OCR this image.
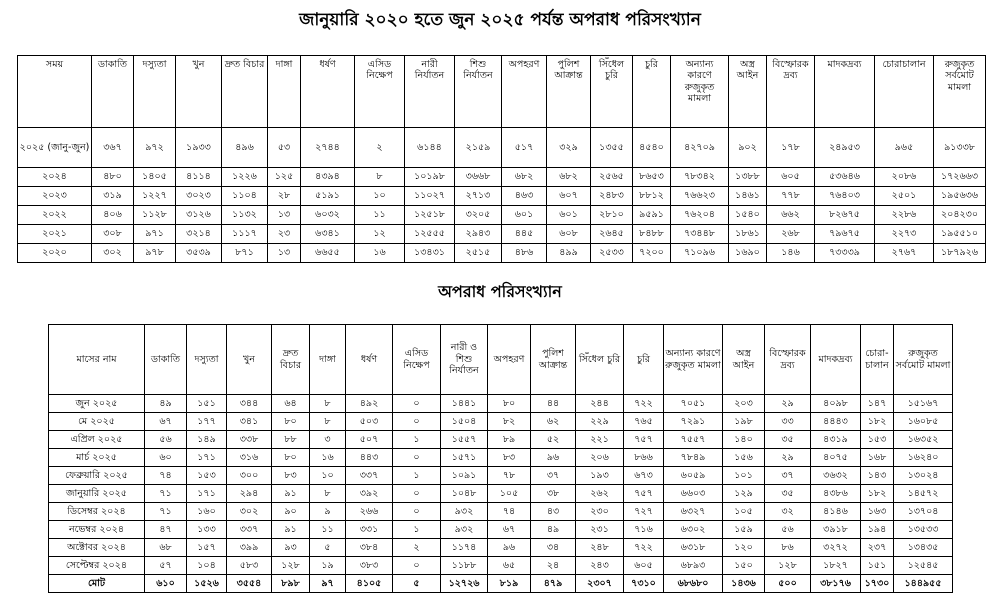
জানুয়ারি ২০২০ হতে জুন ২০২৫ পর্যন্ত অপরাধ পরিসংখ্যান
সময়	ডাকাতি	দস্যুতা	খুন	দ্রুত বিচার	দাঙ্গা	ধর্ষণ	এসিড নিক্ষেপ	নারী নির্যাতন	শিশু নির্যাতন	অপহরণ	পুলিশ আক্রান্ত	সিঁধেল চুরি	চুরি	অন্যান্য কারণে রুজুকৃত মামলা	অস্ত্র আইন	বিস্ফোরক দ্রব্য	মাদকদ্রব্য	চোরাচালান	রুজুকৃত সর্বমোট মামলা
২০২৫ (জানু-জুন)	৩৬৭	৯৭২	১৯৩৩	৪৯৬	৫৩	২৭৪৪	২	৬১৪৪	২১৫৯	৫১৭	৩২৯	১৩৫৫	৪৫৪০	৪২৭০৯	৯০২	১৭৮	২৪৯৫৩	৯৬৫	৯১৩৩৮
২০২৪	৪৮০	১৪০৫	৪১১৪	১২২৬	১২৫	৪৩৯৪	৮	১০১৯৮	৩৬৬৮	৬৮২	৬৮২	২৫৬৫	৮৬৫৩	৭৮৩৪২	১৩৮৮	৬০৫	৫৩৬৪৬	২০৮৬	১৭২৬৬৩
২০২৩	৩১৯	১২২৭	৩০২৩	১১০৪	২৮	৫১৯১	১০	১১০২৭	২৭১৩	৪৬৩	৬০৭	২৪৮৩	৮৮১২	৭৬৬২৩	১৪৬১	৭৭৮	৭৬৪০৩	২৫০১	১৯৫৬৩৬
২০২২	৪০৬	১১২৮	৩১২৬	১১৩২	১৩	৬০৩২	১১	১২৫১৮	৩২০৫	৬০১	৬০১	২৮১০	৯৫৯১	৭৬২০৪	১৫৪০	৬৬২	৮২৬৭৫	২২৮৬	২০৪২৩০
২০২১	৩০৮	৯৭১	৩২১৪	১১১৭	২৩	৬৩৪১	১২	১২৫৫৫	২৯৪৩	৪৪৫	৬০৮	২৬৪৫	৮৪৮৮	৭৩৪৪৮	১৮৬১	২৬৮	৭৯৬৭৫	২২৭৩	১৯৫৫১০
২০২০	৩০২	৯৭৮	৩৫৩৯	৮৭১	১৩	৬৬৫৫	১৬	১৩৪৩১	২৫১৫	৪৮৬	৪৯৯	২৫৩৩	৭২০০	৭১০৯৬	১৬৯০	১৪৬	৭৩৩৩৯	২৭৬৭	১৮৭৯২৬
অপরাধ পরিসংখ্যান
মাসের নাম	ডাকাতি	দস্যুতা	খুন	দ্রুত বিচার	দাঙ্গা	ধর্ষণ	এসিড নিক্ষেপ	নারী ও শিশু নির্যাতন	অপহরণ	পুলিশ আক্রান্ত	সিঁধেল চুরি	চুরি	অন্যান্য কারণে রুজুকৃত মামলা	অস্ত্র আইন	বিস্ফোরক দ্রব্য	মাদকদ্রব্য	চোরা-চালান	রুজুকৃত সর্বমোট মামলা
জুন ২০২৫	৪৯	১৫১	৩৪৪	৬৪	৮	৪৯২	০	১৪৪১	৮০	৪৪	২৪৪	৭২২	৭০৫১	২০৩	২৯	৪০৯৮	১৪৭	১৫১৬৭
মে ২০২৫	৬৭	১৭৭	৩৪১	৮০	৮	৫০৩	০	১৫০৪	৮২	৬২	২২৯	৭৬৫	৭২৯১	১৯৮	৩৩	৪৪৪৩	১৮২	১৬০৮৫
এপ্রিল ২০২৫	৫৬	১৪৯	৩৩৮	৮৮	৩	৫০৭	১	১৫৫৭	৮৯	৫২	২২১	৭৫৭	৭৫৫৭	১৪০	৩৫	৪৩১৯	১৫৩	১৬৩৫২
মার্চ ২০২৫	৬০	১৭১	৩১৬	৮০	১৬	৪৪৩	০	১৫৭১	৮৩	৯৬	২০৬	৮৬৬	৭৮৪৯	১৫৬	২৯	৪০৭৫	১৬৮	১৬২৪০
ফেব্রুয়ারি ২০২৫	৭৪	১৫৩	৩০০	৮৩	১০	৩৩৭	১	১০৯১	৭৮	৩৭	১৯৩	৬৭৩	৬০৫৯	১০১	৩৭	৩৬৩২	১৪৩	১৩০২৪
জানুয়ারি ২০২৫	৭১	১৭১	২৯৪	৯১	৮	৩৯২	০	১০৪৮	১০৫	৩৮	২৬২	৭৫৭	৬৬০৩	১২৯	৩৫	৪৩৮৬	১৮২	১৪৫৭২
ডিসেম্বর ২০২৪	৭১	১৬০	৩০২	৯০	৯	২৬৬	০	৯৩২	৭৪	৪৩	২৩০	৭২৭	৬৩২৭	১০৫	৩২	৪১৪৬	১৬৩	১৩৭০৪
নভেম্বর ২০২৪	৪৭	১৩৩	৩৩৭	৯১	১১	৩৩১	১	৯৩২	৬৭	৪৯	২৩১	৭১৬	৬৩০২	১৫৯	৫৬	৩৯১৮	১৯৪	১৩৫৩৩
অক্টোবর ২০২৪	৬৮	১৫৭	৩৯৯	৯৩	৫	৩৮৪	২	১১৭৪	৯৬	৩৪	২৪৮	৭২২	৬৩১৮	১২০	৮৬	৩২৭২	২৩৭	১৩৪৩৫
সেপ্টেম্বর ২০২৪	৫৭	১০৪	৫৮৩	১২৮	১৯	৩৮৩	০	১১৮৮	৬৫	২৪	২৪৩	৬০৫	৬৮৯৩	১৫০	১২৮	১৮২৭	১৫১	১২৫৪৫
মোট	৬১০	১৫২৬	৩৫৫৪	৮৯৮	৯৭	৪১০৫	৫	১২৭২৬	৮১৯	৪৭৯	২৩০৭	৭৩১০	৬৮৬৮০	১৪৩৬	৫০০	৩৮১৭৬	১৭৩০	১৪৪৯৫৫
